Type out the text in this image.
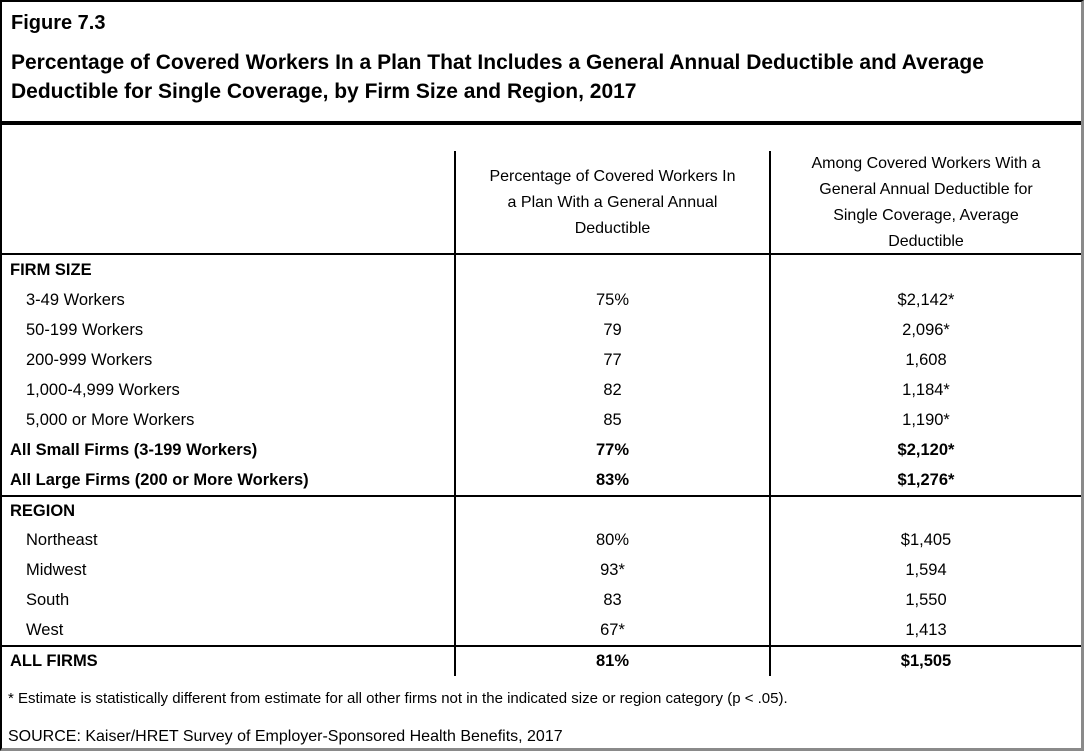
Figure 7.3
Percentage of Covered Workers In a Plan That Includes a General Annual Deductible and Average Deductible for Single Coverage, by Firm Size and Region, 2017
Percentage of Covered Workers In a Plan With a General Annual Deductible
Among Covered Workers With a General Annual Deductible for Single Coverage, Average Deductible
FIRM SIZE
3-49 Workers	75%	$2,142*
50-199 Workers	79	2,096*
200-999 Workers	77	1,608
1,000-4,999 Workers	82	1,184*
5,000 or More Workers	85	1,190*
All Small Firms (3-199 Workers)	77%	$2,120*
All Large Firms (200 or More Workers)	83%	$1,276*
REGION
Northeast	80%	$1,405
Midwest	93*	1,594
South	83	1,550
West	67*	1,413
ALL FIRMS	81%	$1,505
* Estimate is statistically different from estimate for all other firms not in the indicated size or region category (p < .05).
SOURCE: Kaiser/HRET Survey of Employer-Sponsored Health Benefits, 2017
